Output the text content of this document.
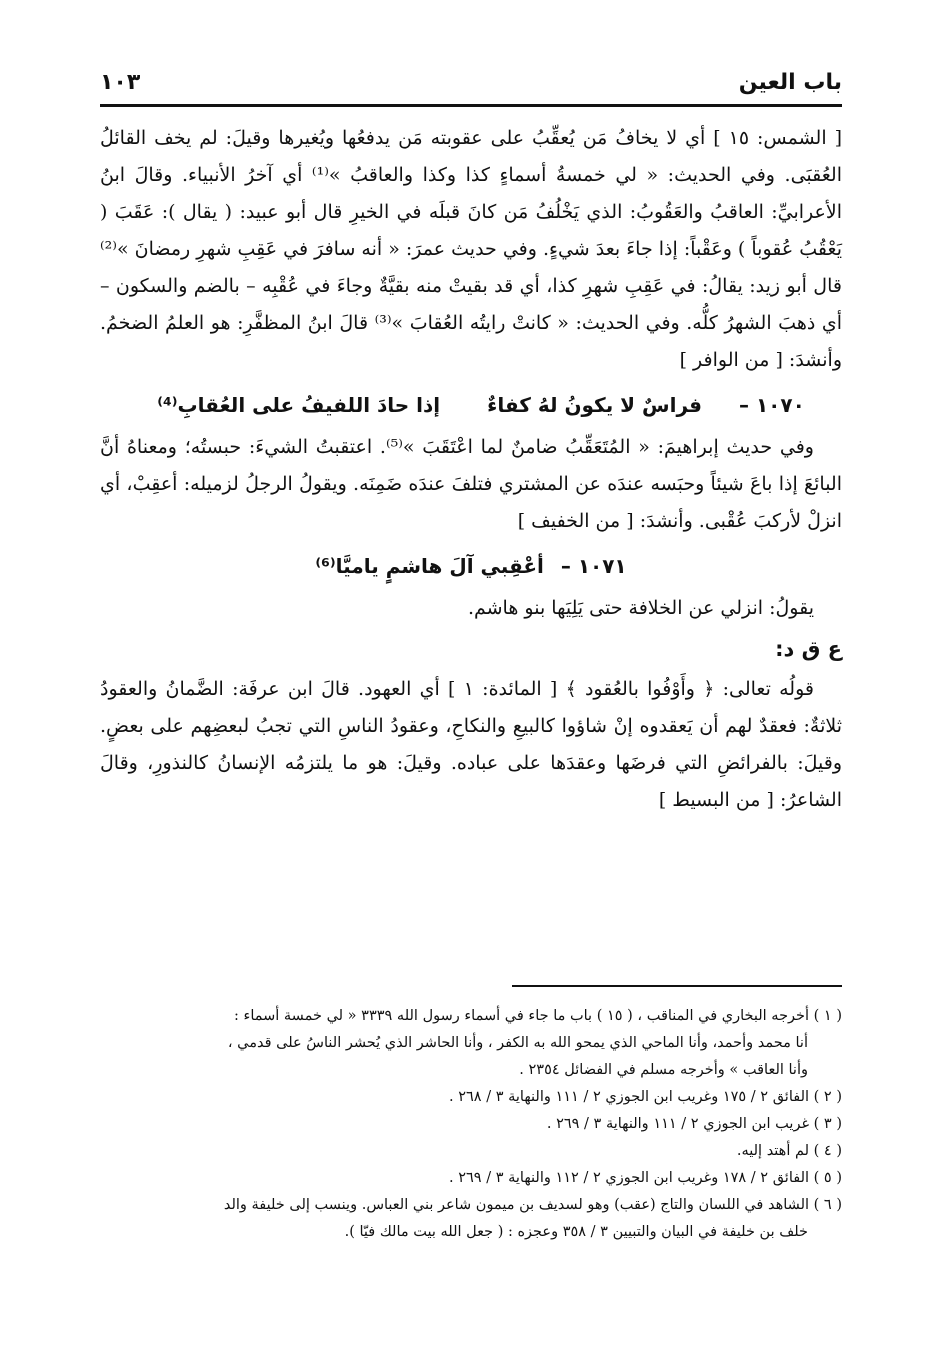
باب العين
١٠٣

[ الشمس: ١٥ ] أي لا يخافُ مَن يُعقِّبُ على عقوبته مَن يدفعُها ويُغيرها وقيلَ: لم يخف القائلُ العُقبَى. وفي الحديث: « لي خمسةُ أسماءٍ كذا وكذا والعاقبُ »⁽¹⁾ أي آخرُ الأنبياء. وقالَ ابنُ الأعرابيِّ: العاقبُ والعَقُوبُ: الذي يَخْلُفُ مَن كانَ قبلَه في الخيرِ قال أبو عبيد: ( يقال ): عَقَبَ ( يَعْقُبُ عُقوباً ) وعَقْباً: إذا جاءَ بعدَ شيءٍ. وفي حديث عمرَ: « أنه سافرَ في عَقِبِ شهرِ رمضانَ »⁽²⁾ قال أبو زيد: يقالُ: في عَقِبِ شهرِ كذا، أي قد بقيتْ منه بقيَّةٌ وجاءَ في عُقْبِه – بالضم والسكون – أي ذهبَ الشهرُ كلُّه. وفي الحديث: « كانتْ رايتُه العُقابَ »⁽³⁾ قالَ ابنُ المظفَّرِ: هو العلمُ الضخمُ. وأنشدَ: [ من الوافر ]

١٠٧٠ – فراسٌ لا يكونُ لهُ كفاءٌ إذا حادَ اللفيفُ على العُقابِ⁽⁴⁾

وفي حديث إبراهيمَ: « المُتَعَقِّبُ ضامنٌ لما اعْتَقَبَ »⁽⁵⁾. اعتقبتُ الشيءَ: حبستُه؛ ومعناهُ أنَّ البائعَ إذا باعَ شيئاً وحبَسه عندَه عن المشتري فتلفَ عندَه ضَمِنَه. ويقولُ الرجلُ لزميله: أعقِبْ، أي انزلْ لأركبَ عُقْبى. وأنشدَ: [ من الخفيف ]

١٠٧١ – أعْقِبي آلَ هاشمٍ ياميَّا⁽⁶⁾

يقولُ: انزلي عن الخلافة حتى يَلِيَها بنو هاشم.

ع ق د:

قولُه تعالى: ﴿ وأَوْفُوا بالعُقود ﴾ [ المائدة: ١ ] أي العهود. قالَ ابن عرفَة: الضَّمانُ والعقودُ ثلاثةٌ: فعقدٌ لهم أن يَعقدوه إنْ شاؤوا كالبيعِ والنكاحِ، وعقودُ الناسِ التي تجبُ لبعضِهم على بعضٍ. وقيلَ: بالفرائضِ التي فرضَها وعقدَها على عباده. وقيلَ: هو ما يلتزمُه الإنسانُ كالنذورِ، وقالَ الشاعرُ: [ من البسيط ]

( ١ ) أخرجه البخاري في المناقب ، ( ١٥ ) باب ما جاء في أسماء رسول الله ٣٣٣٩ « لي خمسة أسماء :

أنا محمد وأحمد، وأنا الماحي الذي يمحو الله به الكفر ، وأنا الحاشر الذي يُحشر الناسُ على قدمي ،

وأنا العاقب » وأخرجه مسلم في الفضائل ٢٣٥٤ .

( ٢ ) الفائق ٢ / ١٧٥ وغريب ابن الجوزي ٢ / ١١١ والنهاية ٣ / ٢٦٨ .

( ٣ ) غريب ابن الجوزي ٢ / ١١١ والنهاية ٣ / ٢٦٩ .

( ٤ ) لم أهتد إليه.

( ٥ ) الفائق ٢ / ١٧٨ وغريب ابن الجوزي ٢ / ١١٢ والنهاية ٣ / ٢٦٩ .

( ٦ ) الشاهد في اللسان والتاج (عقب) وهو لسديف بن ميمون شاعر بني العباس. وينسب إلى خليفة والد

خلف بن خليفة في البيان والتبيين ٣ / ٣٥٨ وعجزه : ( جعل الله بيت مالك فيّا ).
